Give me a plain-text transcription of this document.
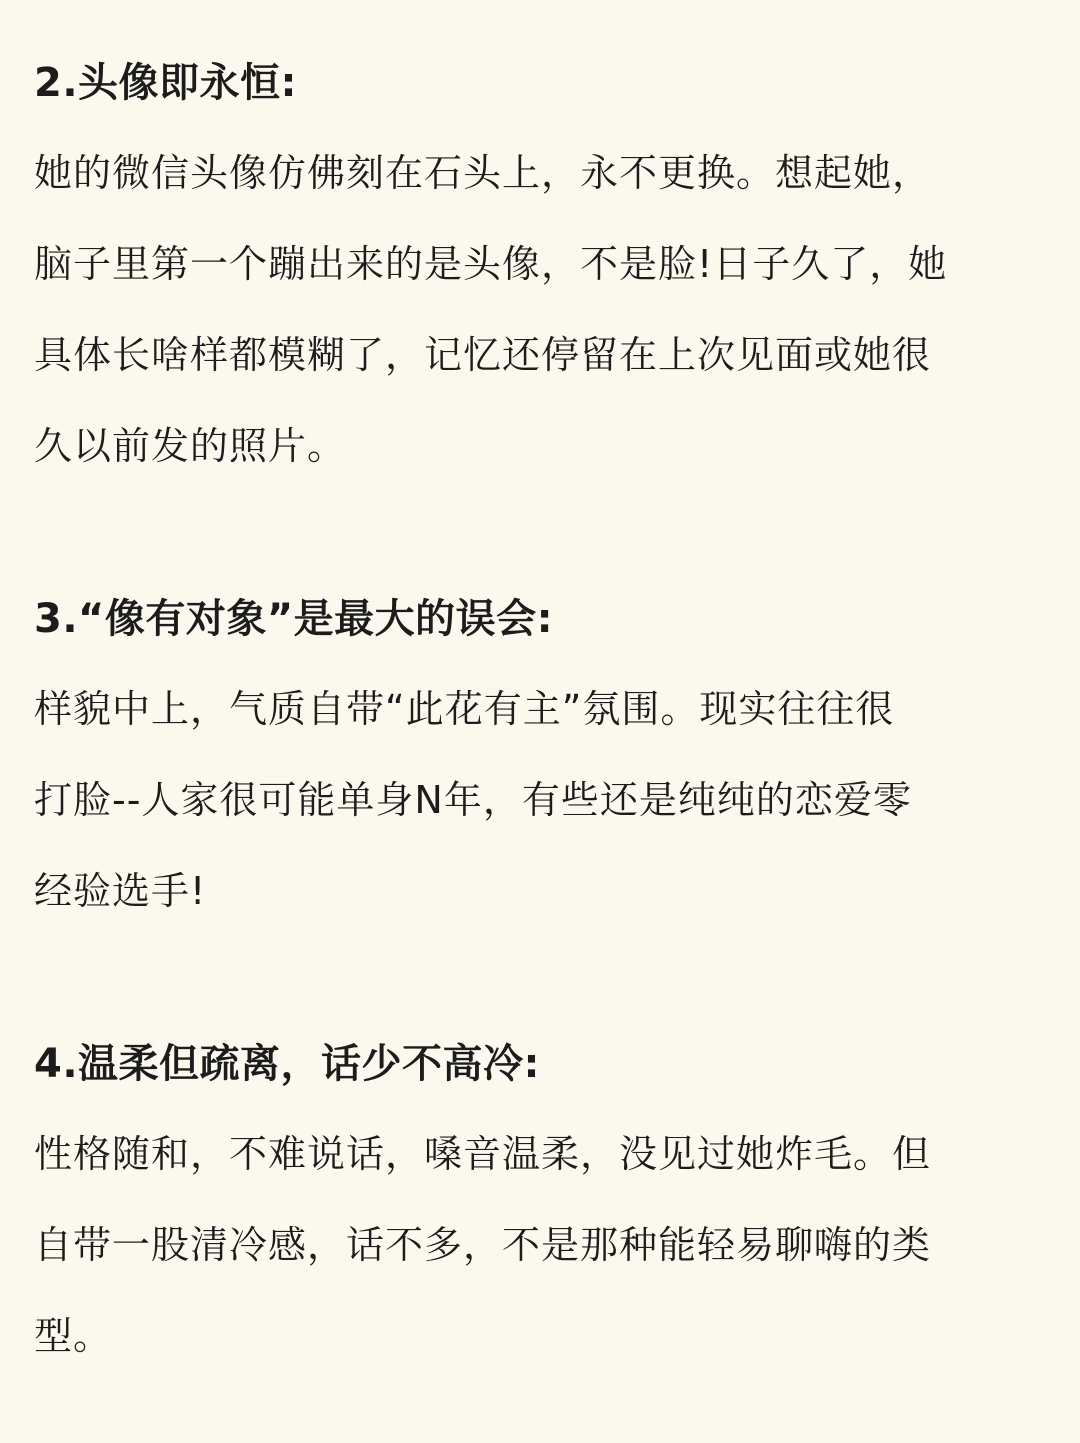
2.头像即永恒:

她的微信头像仿佛刻在石头上，永不更换。想起她，
脑子里第一个蹦出来的是头像，不是脸!日子久了，她
具体长啥样都模糊了，记忆还停留在上次见面或她很
久以前发的照片。

3.“像有对象”是最大的误会:

样貌中上，气质自带“此花有主”氛围。现实往往很
打脸--人家很可能单身N年，有些还是纯纯的恋爱零
经验选手!

4.温柔但疏离，话少不高冷:

性格随和，不难说话，嗓音温柔，没见过她炸毛。但
自带一股清冷感，话不多，不是那种能轻易聊嗨的类
型。
